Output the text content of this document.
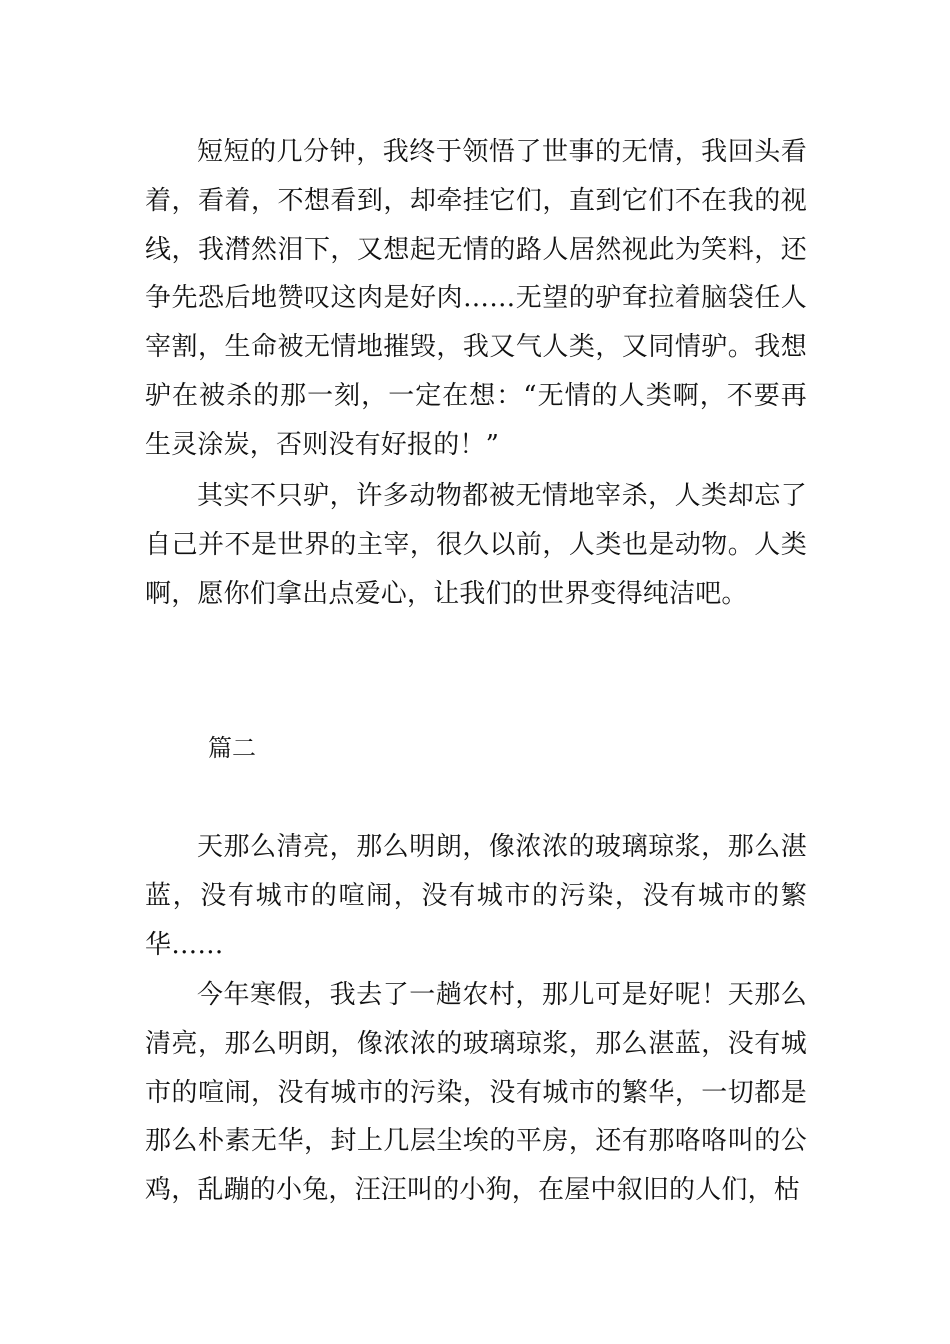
短短的几分钟，我终于领悟了世事的无情，我回头看着，看着，不想看到，却牵挂它们，直到它们不在我的视线，我潸然泪下，又想起无情的路人居然视此为笑料，还争先恐后地赞叹这肉是好肉……无望的驴耷拉着脑袋任人宰割，生命被无情地摧毁，我又气人类，又同情驴。我想驴在被杀的那一刻，一定在想：“无情的人类啊，不要再生灵涂炭，否则没有好报的！”

其实不只驴，许多动物都被无情地宰杀，人类却忘了自己并不是世界的主宰，很久以前，人类也是动物。人类啊，愿你们拿出点爱心，让我们的世界变得纯洁吧。

篇二

天那么清亮，那么明朗，像浓浓的玻璃琼浆，那么湛蓝，没有城市的喧闹，没有城市的污染，没有城市的繁华……

今年寒假，我去了一趟农村，那儿可是好呢！天那么清亮，那么明朗，像浓浓的玻璃琼浆，那么湛蓝，没有城市的喧闹，没有城市的污染，没有城市的繁华，一切都是那么朴素无华，封上几层尘埃的平房，还有那咯咯叫的公鸡，乱蹦的小兔，汪汪叫的小狗，在屋中叙旧的人们，枯
